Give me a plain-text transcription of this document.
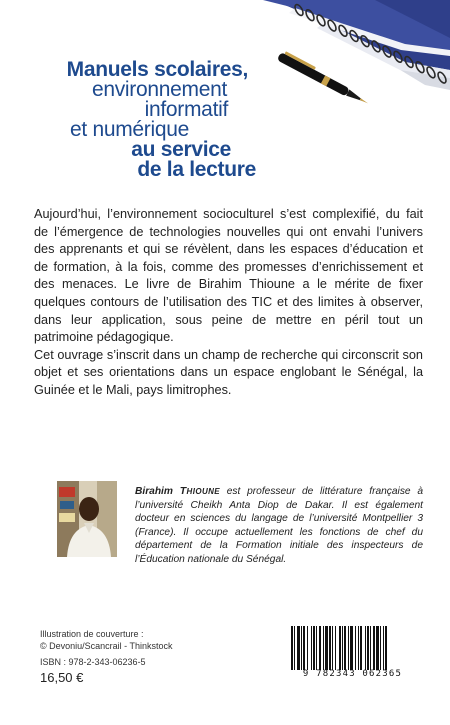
Manuels scolaires,
environnement
informatif
et numérique
au service
de la lecture

Aujourd’hui, l’environnement socioculturel s’est complexifié, du fait de l’émergence de technologies nouvelles qui ont envahi l’univers des apprenants et qui se révèlent, dans les espaces d’éducation et de formation, à la fois, comme des promesses d’enrichissement et des menaces. Le livre de Birahim Thioune a le mérite de fixer quelques contours de l’utilisation des TIC et des limites à observer, dans leur application, sous peine de mettre en péril tout un patrimoine pédagogique.

Cet ouvrage s’inscrit dans un champ de recherche qui circonscrit son objet et ses orientations dans un espace englobant le Sénégal, la Guinée et le Mali, pays limitrophes.

Birahim THIOUNE est professeur de littérature française à l’université Cheikh Anta Diop de Dakar. Il est également docteur en sciences du langage de l’université Montpellier 3 (France). Il occupe actuellement les fonctions de chef du département de la Formation initiale des inspecteurs de l’Éducation nationale du Sénégal.
Illustration de couverture :
© Devoniu/Scancrail - Thinkstock
ISBN : 978-2-343-06236-5
16,50 €	9 782343 062365
